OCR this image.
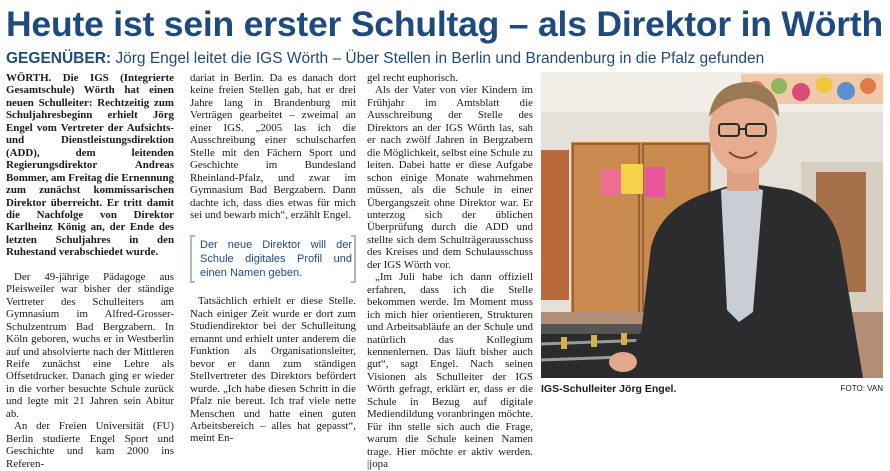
Heute ist sein erster Schultag – als Direktor in Wörth
GEGENÜBER: Jörg Engel leitet die IGS Wörth – Über Stellen in Berlin und Brandenburg in die Pfalz gefunden

WÖRTH. Die IGS (Integrierte Gesamtschule) Wörth hat einen neuen Schulleiter: Rechtzeitig zum Schuljahresbeginn erhielt Jörg Engel vom Vertreter der Aufsichts- und Dienstleistungsdirektion (ADD), dem leitenden Regierungsdirektor Andreas Bommer, am Freitag die Ernennung zum zunächst kommissarischen Direktor überreicht. Er tritt damit die Nachfolge von Direktor Karlheinz König an, der Ende des letzten Schuljahres in den Ruhestand verabschiedet wurde.

Der 49-jährige Pädagoge aus Pleisweiler war bisher der ständige Vertreter des Schulleiters am Gymnasium im Alfred-Grosser-Schulzentrum Bad Bergzabern. In Köln geboren, wuchs er in Westberlin auf und absolvierte nach der Mittleren Reife zunächst eine Lehre als Offsetdrucker. Danach ging er wieder in die vorher besuchte Schule zurück und legte mit 21 Jahren sein Abitur ab.

An der Freien Universität (FU) Berlin studierte Engel Sport und Geschichte und kam 2000 ins Referen-

dariat in Berlin. Da es danach dort keine freien Stellen gab, hat er drei Jahre lang in Brandenburg mit Verträgen gearbeitet – zweimal an einer IGS. „2005 las ich die Ausschreibung einer schulscharfen Stelle mit den Fächern Sport und Geschichte im Bundesland Rheinland-Pfalz, und zwar im Gymnasium Bad Bergzabern. Dann dachte ich, dass dies etwas für mich sei und bewarb mich“, erzählt Engel.

Der neue Direktor will der Schule digitales Profil und einen Namen geben.

Tatsächlich erhielt er diese Stelle. Nach einiger Zeit wurde er dort zum Studiendirektor bei der Schulleitung ernannt und erhielt unter anderem die Funktion als Organisationsleiter, bevor er dann zum ständigen Stellvertreter des Direktors befördert wurde. „Ich habe diesen Schritt in die Pfalz nie bereut. Ich traf viele nette Menschen und hatte einen guten Arbeitsbereich – alles hat gepasst“, meint En-

gel recht euphorisch.

Als der Vater von vier Kindern im Frühjahr im Amtsblatt die Ausschreibung der Stelle des Direktors an der IGS Wörth las, sah er nach zwölf Jahren in Bergzabern die Möglichkeit, selbst eine Schule zu leiten. Dabei hatte er diese Aufgabe schon einige Monate wahrnehmen müssen, als die Schule in einer Übergangszeit ohne Direktor war. Er unterzog sich der üblichen Überprüfung durch die ADD und stellte sich dem Schulträgerausschuss des Kreises und dem Schulausschuss der IGS Wörth vor.

„Im Juli habe ich dann offiziell erfahren, dass ich die Stelle bekommen werde. Im Moment muss ich mich hier orientieren, Strukturen und Arbeitsabläufe an der Schule und natürlich das Kollegium kennenlernen. Das läuft bisher auch gut“, sagt Engel. Nach seinen Visionen als Schulleiter der IGS Wörth gefragt, erklärt er, dass er die Schule in Bezug auf digitale Mediendildung voranbringen möchte. Für ihn stelle sich auch die Frage, warum die Schule keinen Namen trage. Hier möchte er aktiv werden. |jopa

IGS-Schulleiter Jörg Engel.	FOTO: VAN
